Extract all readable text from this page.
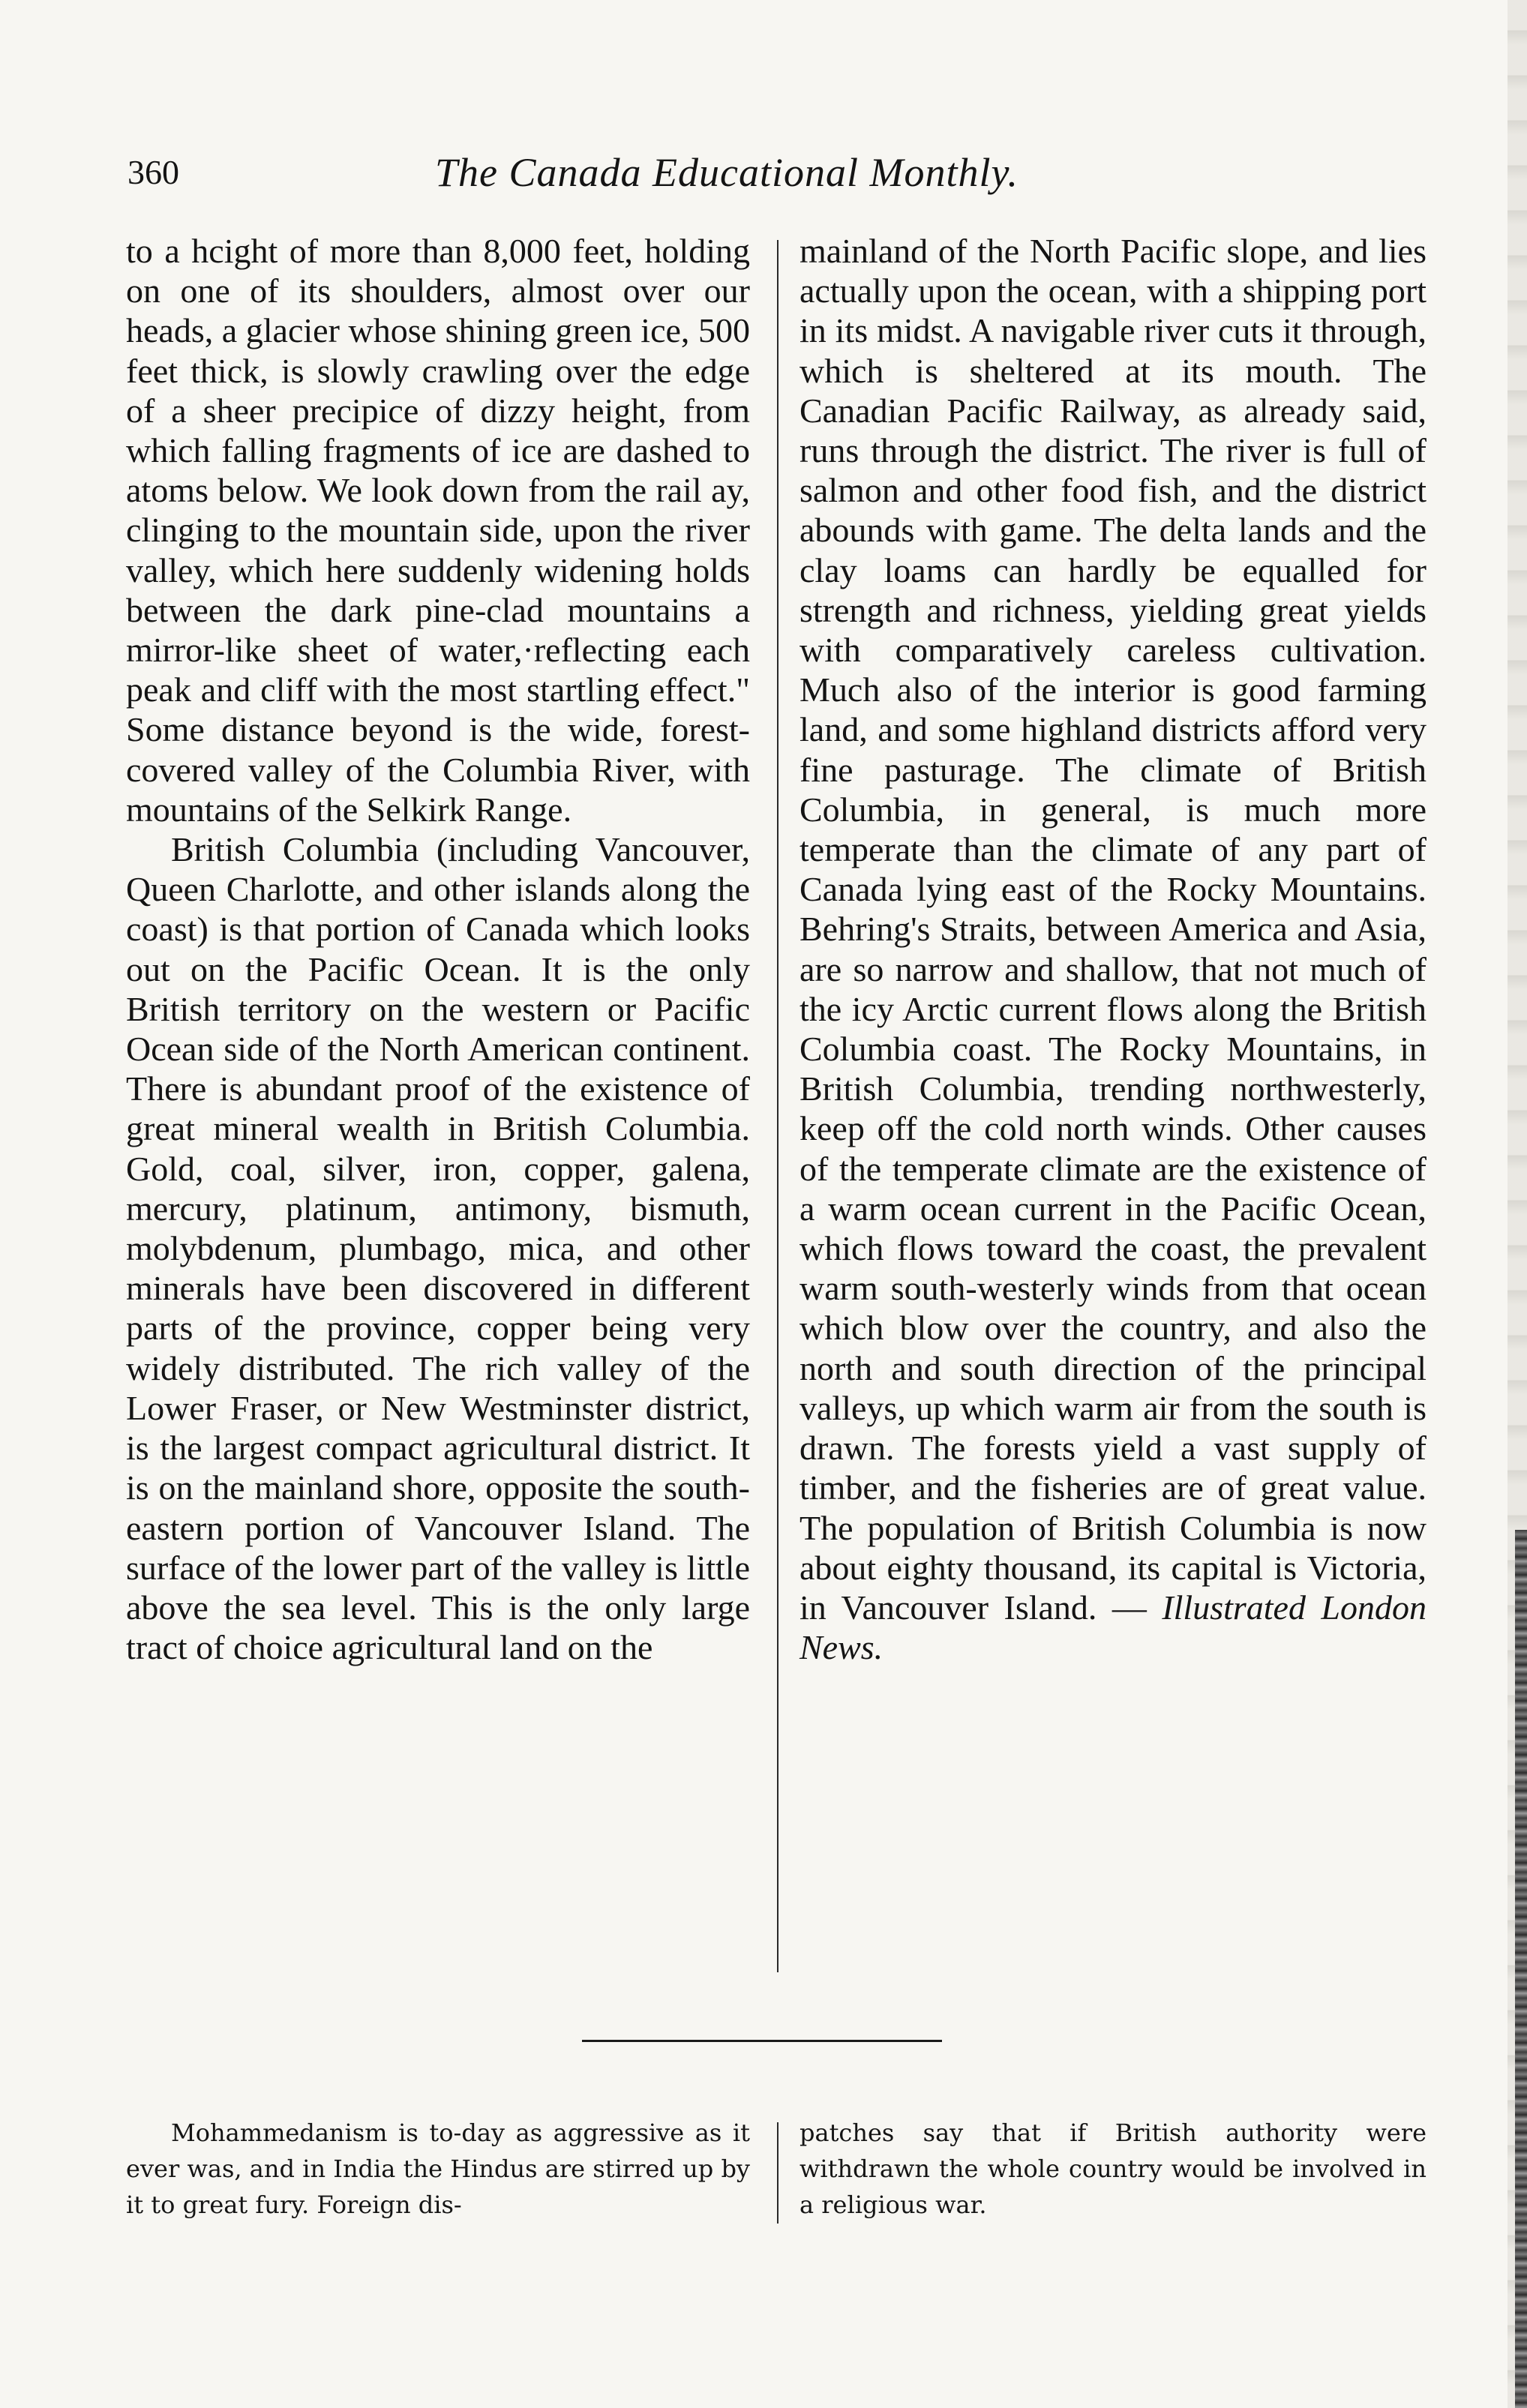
360	The Canada Educational Monthly.

to a hcight of more than 8,000 feet, holding on one of its shoulders, almost over our heads, a glacier whose shining green ice, 500 feet thick, is slowly crawling over the edge of a sheer precipice of dizzy height, from which falling fragments of ice are dashed to atoms below. We look down from the rail ay, clinging to the mountain side, upon the river valley, which here suddenly widening holds between the dark pine-clad mountains a mirror-like sheet of water,·reflecting each peak and cliff with the most startling effect." Some distance beyond is the wide, forest-covered valley of the Columbia River, with mountains of the Selkirk Range.

British Columbia (including Vancouver, Queen Charlotte, and other islands along the coast) is that portion of Canada which looks out on the Pacific Ocean. It is the only British territory on the western or Pacific Ocean side of the North American continent. There is abundant proof of the existence of great mineral wealth in British Columbia. Gold, coal, silver, iron, copper, galena, mercury, platinum, antimony, bismuth, molybdenum, plumbago, mica, and other minerals have been discovered in different parts of the province, copper being very widely distributed. The rich valley of the Lower Fraser, or New Westminster district, is the largest compact agricultural district. It is on the mainland shore, opposite the south-eastern portion of Vancouver Island. The surface of the lower part of the valley is little above the sea level. This is the only large tract of choice agricultural land on the

mainland of the North Pacific slope, and lies actually upon the ocean, with a shipping port in its midst. A navigable river cuts it through, which is sheltered at its mouth. The Canadian Pacific Railway, as already said, runs through the district. The river is full of salmon and other food fish, and the district abounds with game. The delta lands and the clay loams can hardly be equalled for strength and richness, yielding great yields with comparatively careless cultivation. Much also of the interior is good farming land, and some highland districts afford very fine pasturage. The climate of British Columbia, in general, is much more temperate than the climate of any part of Canada lying east of the Rocky Mountains. Behring's Straits, between America and Asia, are so narrow and shallow, that not much of the icy Arctic current flows along the British Columbia coast. The Rocky Mountains, in British Columbia, trending northwesterly, keep off the cold north winds. Other causes of the temperate climate are the existence of a warm ocean current in the Pacific Ocean, which flows toward the coast, the prevalent warm south-westerly winds from that ocean which blow over the country, and also the north and south direction of the principal valleys, up which warm air from the south is drawn. The forests yield a vast supply of timber, and the fisheries are of great value. The population of British Columbia is now about eighty thousand, its capital is Victoria, in Vancouver Island. — Illustrated London News.

Mohammedanism is to-day as aggressive as it ever was, and in India the Hindus are stirred up by it to great fury. Foreign dis-

patches say that if British authority were withdrawn the whole country would be involved in a religious war.
